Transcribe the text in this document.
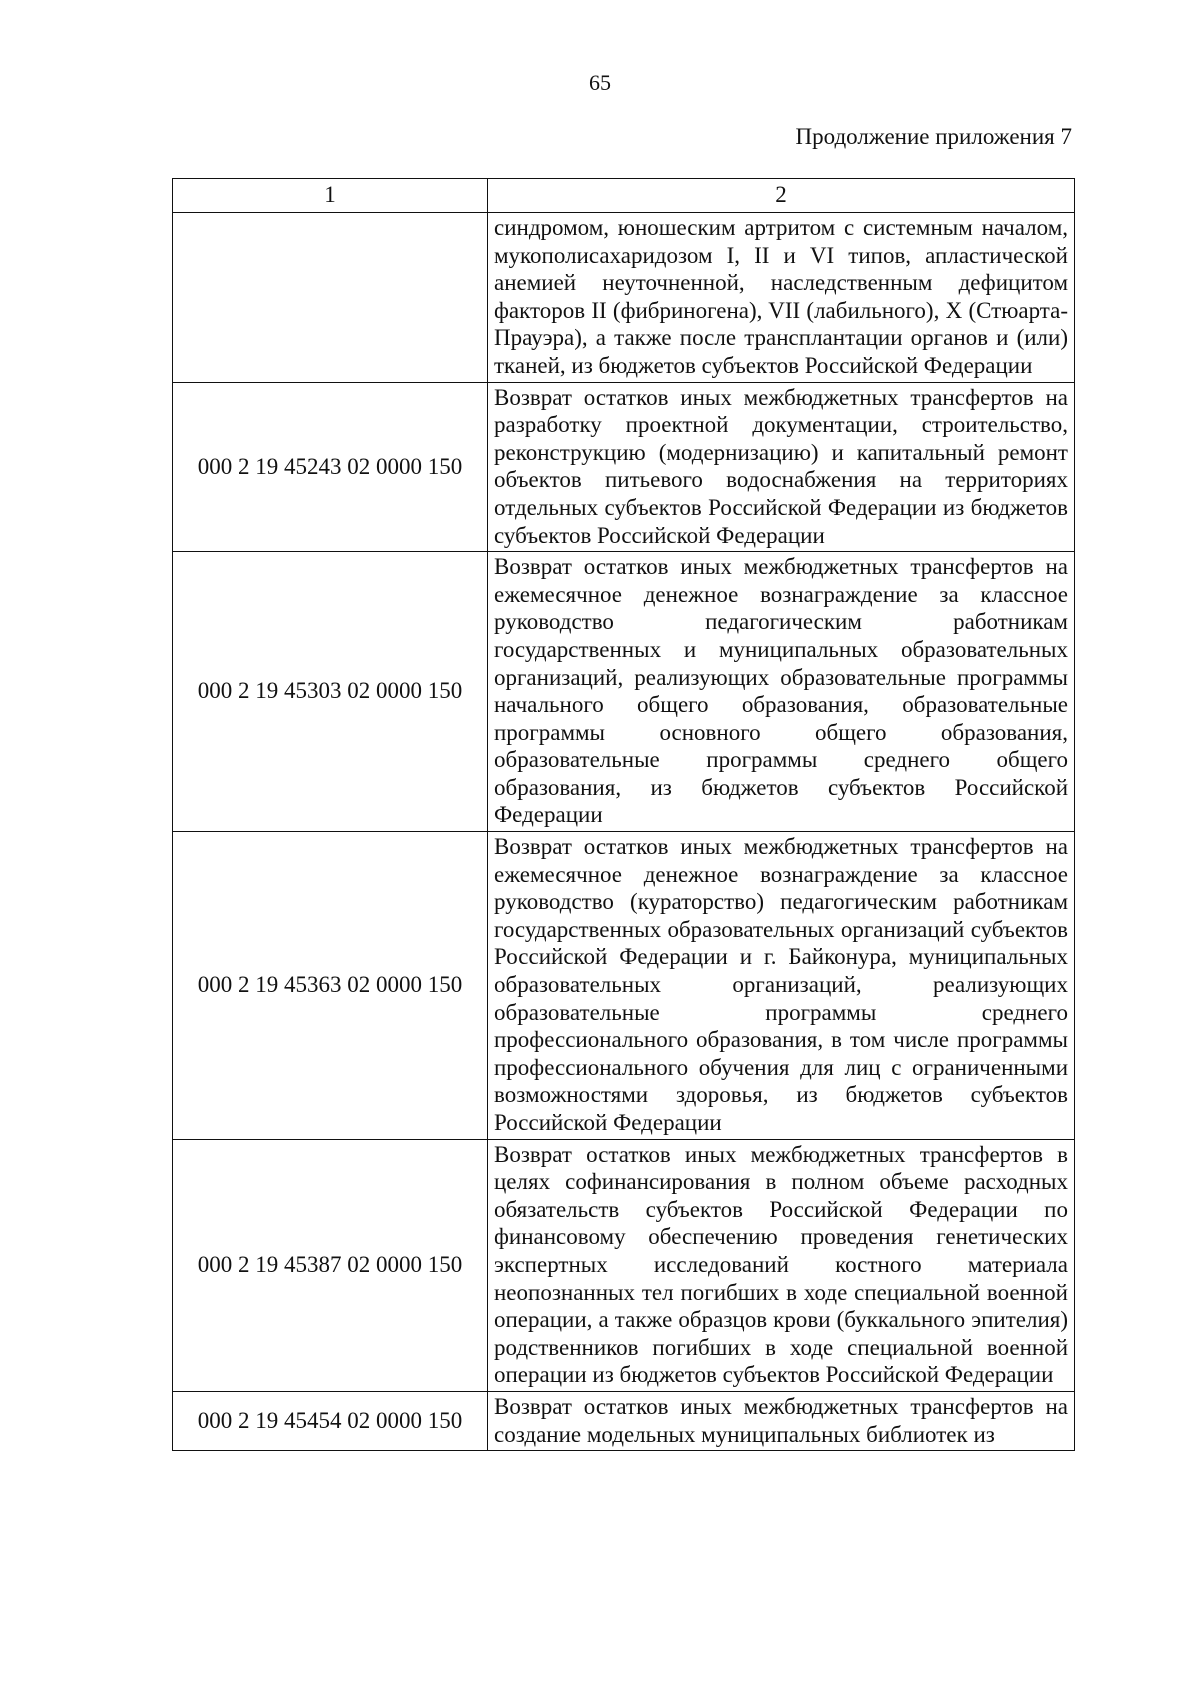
65
Продолжение приложения 7
1	2
	синдромом, юношеским артритом с системным началом, мукополисахаридозом I, II и VI типов, апластической анемией неуточненной, наследственным дефицитом факторов II (фибриногена), VII (лабильного), X (Стюарта-Прауэра), а также после трансплантации органов и (или) тканей, из бюджетов субъектов Российской Федерации
000 2 19 45243 02 0000 150	Возврат остатков иных межбюджетных трансфертов на разработку проектной документации, строительство, реконструкцию (модернизацию) и капитальный ремонт объектов питьевого водоснабжения на территориях отдельных субъектов Российской Федерации из бюджетов субъектов Российской Федерации
000 2 19 45303 02 0000 150	Возврат остатков иных межбюджетных трансфертов на ежемесячное денежное вознаграждение за классное руководство педагогическим работникам государственных и муниципальных образовательных организаций, реализующих образовательные программы начального общего образования, образовательные программы основного общего образования, образовательные программы среднего общего образования, из бюджетов субъектов Российской Федерации
000 2 19 45363 02 0000 150	Возврат остатков иных межбюджетных трансфертов на ежемесячное денежное вознаграждение за классное руководство (кураторство) педагогическим работникам государственных образовательных организаций субъектов Российской Федерации и г. Байконура, муниципальных образовательных организаций, реализующих образовательные программы среднего профессионального образования, в том числе программы профессионального обучения для лиц с ограниченными возможностями здоровья, из бюджетов субъектов Российской Федерации
000 2 19 45387 02 0000 150	Возврат остатков иных межбюджетных трансфертов в целях софинансирования в полном объеме расходных обязательств субъектов Российской Федерации по финансовому обеспечению проведения генетических экспертных исследований костного материала неопознанных тел погибших в ходе специальной военной операции, а также образцов крови (буккального эпителия) родственников погибших в ходе специальной военной операции из бюджетов субъектов Российской Федерации
000 2 19 45454 02 0000 150	Возврат остатков иных межбюджетных трансфертов на создание модельных муниципальных библиотек из
